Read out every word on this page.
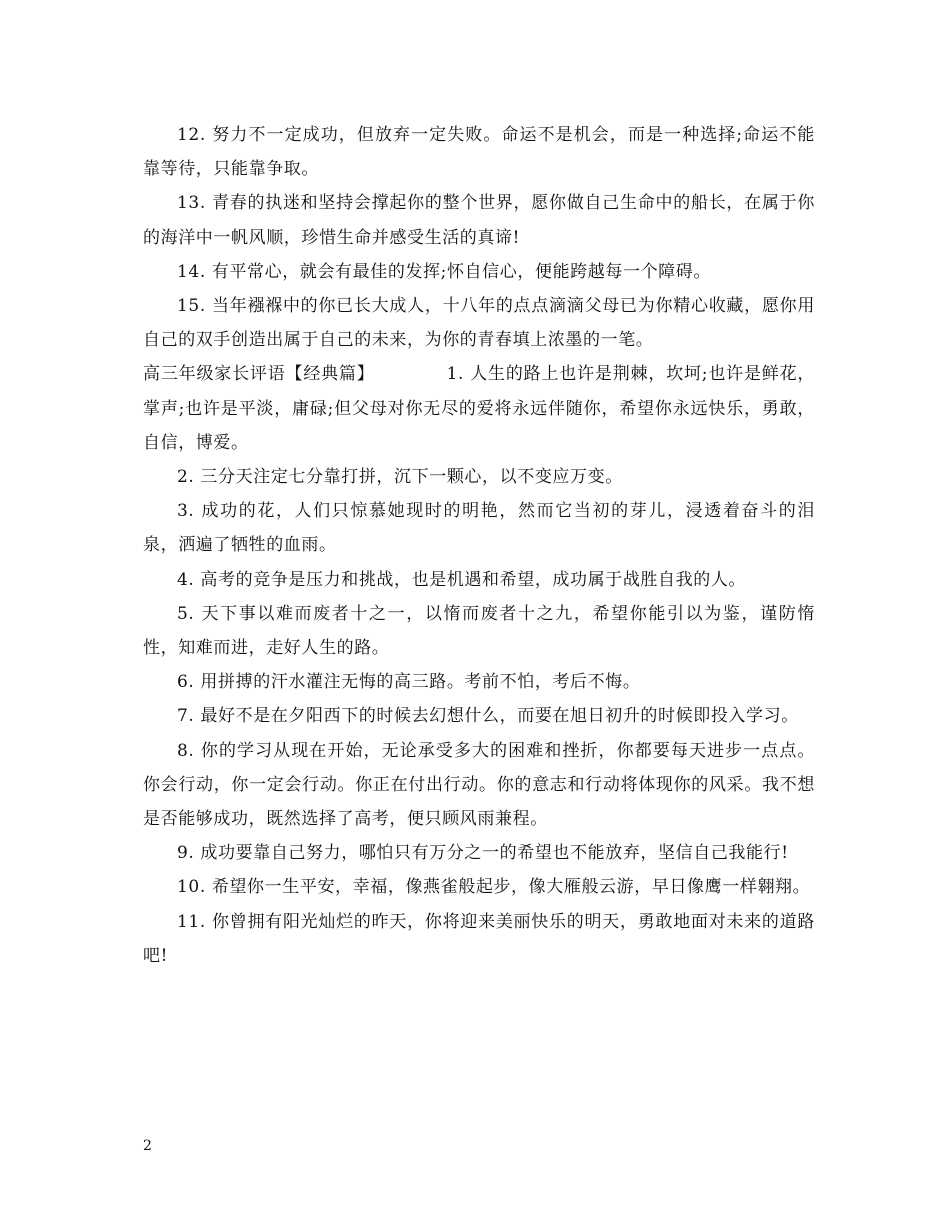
12. 努力不一定成功，但放弃一定失败。命运不是机会，而是一种选择;命运不能靠等待，只能靠争取。

13. 青春的执迷和坚持会撑起你的整个世界，愿你做自己生命中的船长，在属于你的海洋中一帆风顺，珍惜生命并感受生活的真谛!

14. 有平常心，就会有最佳的发挥;怀自信心，便能跨越每一个障碍。

15. 当年襁褓中的你已长大成人，十八年的点点滴滴父母已为你精心收藏，愿你用自己的双手创造出属于自己的未来，为你的青春填上浓墨的一笔。

高三年级家长评语【经典篇】	1. 人生的路上也许是荆棘，坎坷;也许是鲜花，掌声;也许是平淡，庸碌;但父母对你无尽的爱将永远伴随你，希望你永远快乐，勇敢，自信，博爱。

2. 三分天注定七分靠打拼，沉下一颗心，以不变应万变。

3. 成功的花，人们只惊慕她现时的明艳，然而它当初的芽儿，浸透着奋斗的泪泉，洒遍了牺牲的血雨。

4. 高考的竞争是压力和挑战，也是机遇和希望，成功属于战胜自我的人。

5. 天下事以难而废者十之一，以惰而废者十之九，希望你能引以为鉴，谨防惰性，知难而进，走好人生的路。

6. 用拼搏的汗水灌注无悔的高三路。考前不怕，考后不悔。

7. 最好不是在夕阳西下的时候去幻想什么，而要在旭日初升的时候即投入学习。

8. 你的学习从现在开始，无论承受多大的困难和挫折，你都要每天进步一点点。你会行动，你一定会行动。你正在付出行动。你的意志和行动将体现你的风采。我不想是否能够成功，既然选择了高考，便只顾风雨兼程。

9. 成功要靠自己努力，哪怕只有万分之一的希望也不能放弃，坚信自己我能行!

10. 希望你一生平安，幸福，像燕雀般起步，像大雁般云游，早日像鹰一样翱翔。

11. 你曾拥有阳光灿烂的昨天，你将迎来美丽快乐的明天，勇敢地面对未来的道路吧!

2
